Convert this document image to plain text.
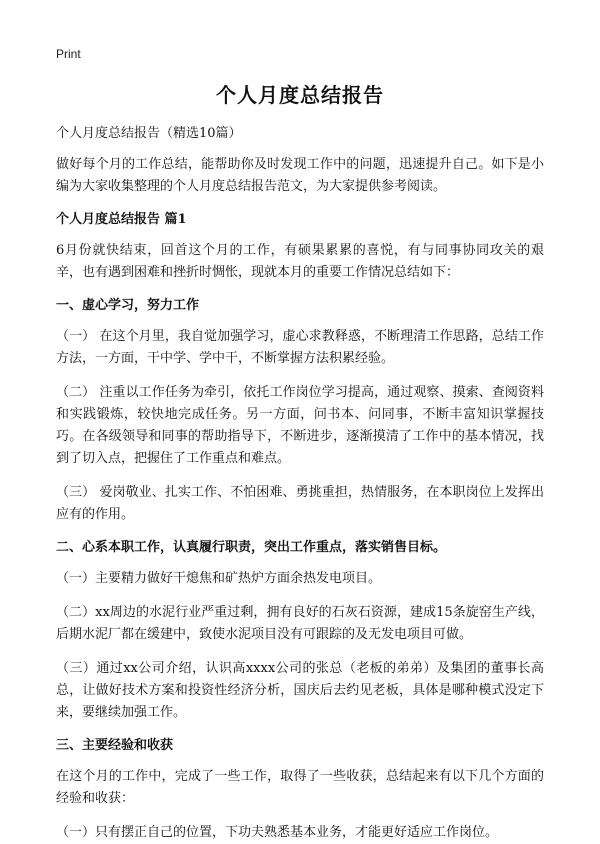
Print
个人月度总结报告
个人月度总结报告（精选10篇）

做好每个月的工作总结，能帮助你及时发现工作中的问题，迅速提升自己。如下是小编为大家收集整理的个人月度总结报告范文，为大家提供参考阅读。

个人月度总结报告 篇1

6月份就快结束，回首这个月的工作，有硕果累累的喜悦，有与同事协同攻关的艰辛，也有遇到困难和挫折时惆怅，现就本月的重要工作情况总结如下：

一、虚心学习，努力工作

（一） 在这个月里，我自觉加强学习，虚心求教释惑，不断理清工作思路，总结工作方法，一方面，干中学、学中干，不断掌握方法积累经验。

（二） 注重以工作任务为牵引，依托工作岗位学习提高，通过观察、摸索、查阅资料和实践锻炼，较快地完成任务。另一方面，问书本、问同事，不断丰富知识掌握技巧。在各级领导和同事的帮助指导下，不断进步，逐渐摸清了工作中的基本情况，找到了切入点，把握住了工作重点和难点。

（三） 爱岗敬业、扎实工作、不怕困难、勇挑重担，热情服务，在本职岗位上发挥出应有的作用。

二、心系本职工作，认真履行职责，突出工作重点，落实销售目标。

（一）主要精力做好干熄焦和矿热炉方面余热发电项目。

（二）xx周边的水泥行业严重过剩，拥有良好的石灰石资源，建成15条旋窑生产线，后期水泥厂都在缓建中，致使水泥项目没有可跟踪的及无发电项目可做。

（三）通过xx公司介绍，认识高xxxx公司的张总（老板的弟弟）及集团的董事长高总，让做好技术方案和投资性经济分析，国庆后去约见老板，具体是哪种模式没定下来，要继续加强工作。

三、主要经验和收获

在这个月的工作中，完成了一些工作，取得了一些收获，总结起来有以下几个方面的经验和收获：

（一）只有摆正自己的位置，下功夫熟悉基本业务，才能更好适应工作岗位。
